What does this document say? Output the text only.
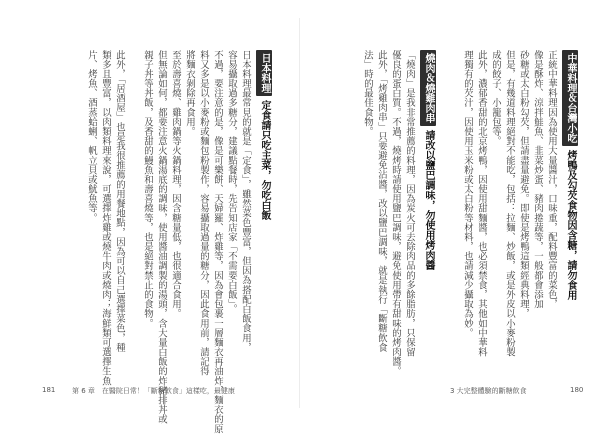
中華料理＆台灣小吃烤鴨及勾芡食物因含糖，請勿食用
正統中華料理因為使用大量醬汁，口味重，配料豐富的菜色，
像是酥炸、涼拌鮭魚、韭菜炒蛋、豬肉捲蔬等，一般都會添加
砂糖或太白粉勾芡，但請盡量避免。即使是烤鴨這類經典料理，
但是，有幾道料理絕對不能吃，包括：拉麵、炒飯，或是外皮以小麥粉製
成的餃子、小籠包等。
此外，濃郁香甜的北京烤鴨，因使用甜麵醬，也必須禁食，其他如中華料
理獨有的芡汁，因使用玉米粉或太白粉等材料，也請減少攝取為妙。
燒肉＆燒雞肉串請改以鹽巴調味，勿使用烤肉醬
「燒肉」是我非常推薦的料理，因為炭火可去除肉品的多餘脂肪，只保留
優良的蛋白質。不過，燒烤時請使用鹽巴調味，避免使用帶有甜味的烤肉醬。
此外，「烤雞肉串」只要避免沾醬，改以鹽巴調味，就是執行「斷糖飲食
法」時的最佳食物。
3 大完整體驗的斷糖飲食	180
日本料理定食請只吃主菜，勿吃白飯
日本料理最常見的就是「定食」，雖然菜色豐富，但因為搭配白飯食用，
容易攝取過多糖分，建議點餐時，先告知店家「不需要白飯」。
不過，要注意的是，像是可樂餅、天婦羅、炸雞等，因為會包裹一層麵衣再油炸，麵衣的原
料又多是以小麥粉或麵包粉製作，容易攝取過量的糖分，因此食用前，請記得
將麵衣剝除再食用。
至於壽喜燒、雞肉鍋等火鍋料理，因含糖量低，也很適合食用。
但無論如何，都要注意火鍋湯底的調味，使用醬油調製的湯頭，含大量白飯的炸豬排丼或
親子丼等丼飯，及香甜的鰻魚和壽喜燒等，也是絕對禁止的食物。
此外，「居酒屋」也是我很推薦的用餐地點，因為可以自己選擇菜色，種
類多且豐富，以肉類料理來說，可選擇炸雞或燒牛肉或燒肉；海鮮類可選擇生魚
片、烤魚、酒蒸蛤蜊、帆立貝或魷魚等。
181 第 6 章　在醫院日常！「斷糖飲食」這樣吃，最健康
